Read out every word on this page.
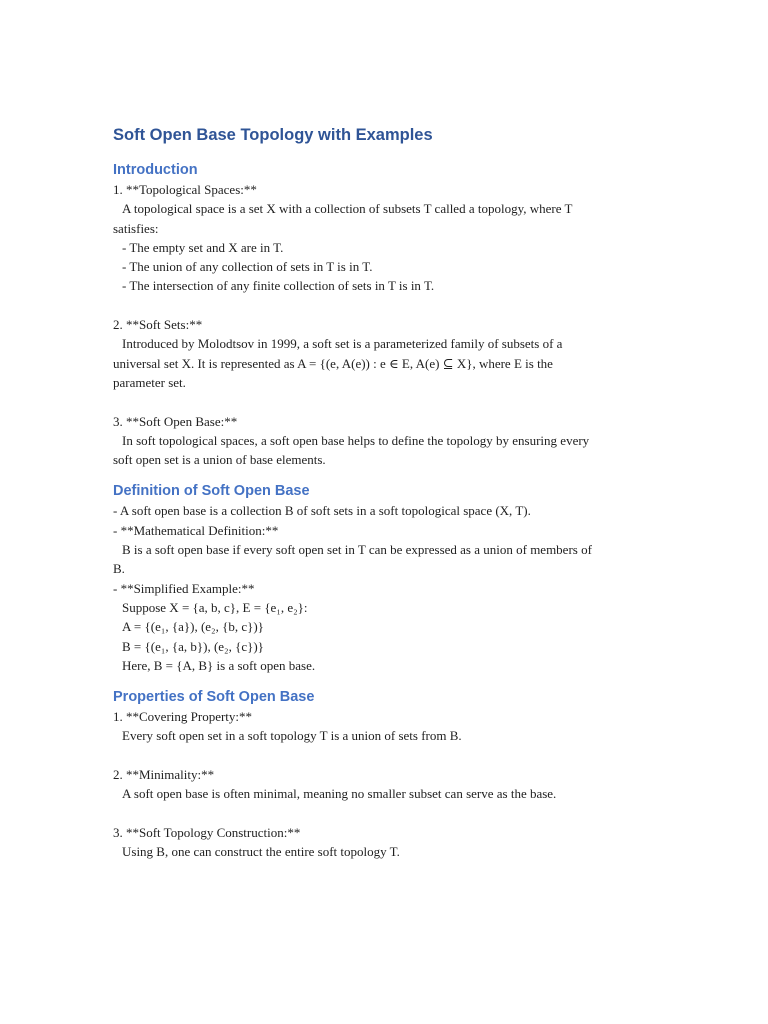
Soft Open Base Topology with Examples
Introduction

1. **Topological Spaces:**

A topological space is a set X with a collection of subsets T called a topology, where T

satisfies:

- The empty set and X are in T.

- The union of any collection of sets in T is in T.

- The intersection of any finite collection of sets in T is in T.

2. **Soft Sets:**

Introduced by Molodtsov in 1999, a soft set is a parameterized family of subsets of a

universal set X. It is represented as A = {(e, A(e)) : e ∈ E, A(e) ⊆ X}, where E is the

parameter set.

3. **Soft Open Base:**

In soft topological spaces, a soft open base helps to define the topology by ensuring every

soft open set is a union of base elements.

Definition of Soft Open Base

- A soft open base is a collection B of soft sets in a soft topological space (X, T).

- **Mathematical Definition:**

B is a soft open base if every soft open set in T can be expressed as a union of members of

B.

- **Simplified Example:**

Suppose X = {a, b, c}, E = {e₁, e₂}:

A = {(e₁, {a}), (e₂, {b, c})}

B = {(e₁, {a, b}), (e₂, {c})}

Here, B = {A, B} is a soft open base.

Properties of Soft Open Base

1. **Covering Property:**

Every soft open set in a soft topology T is a union of sets from B.

2. **Minimality:**

A soft open base is often minimal, meaning no smaller subset can serve as the base.

3. **Soft Topology Construction:**

Using B, one can construct the entire soft topology T.
